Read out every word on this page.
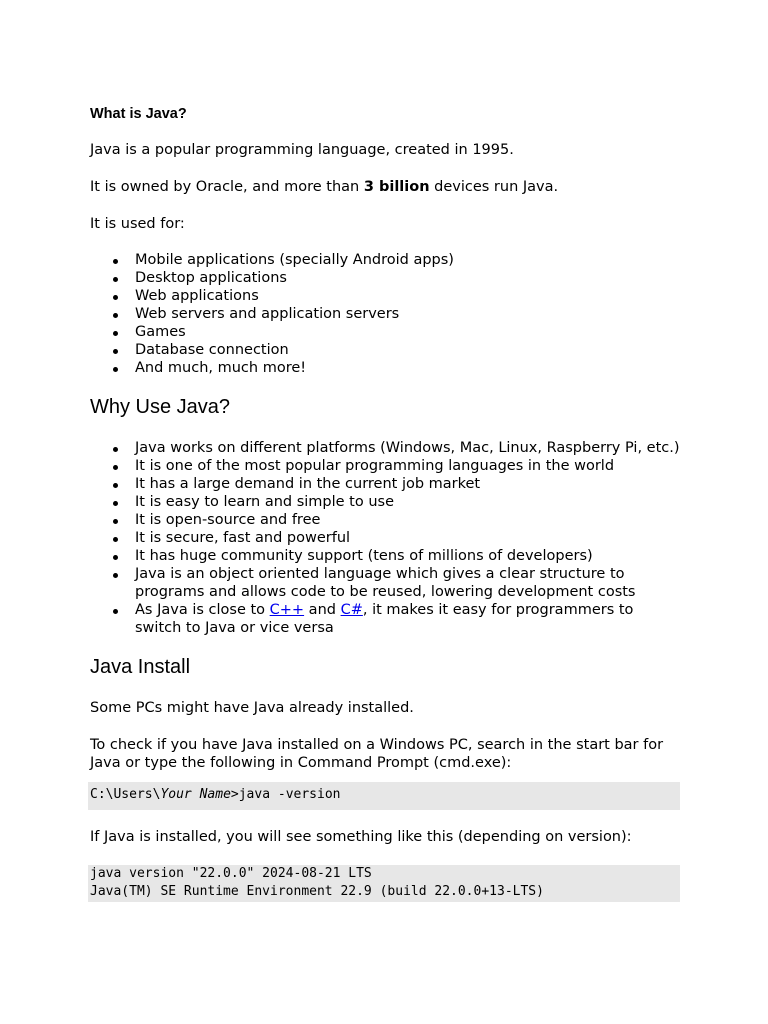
What is Java?

Java is a popular programming language, created in 1995.

It is owned by Oracle, and more than 3 billion devices run Java.

It is used for:

Mobile applications (specially Android apps)
Desktop applications
Web applications
Web servers and application servers
Games
Database connection
And much, much more!
Why Use Java?
Java works on different platforms (Windows, Mac, Linux, Raspberry Pi, etc.)
It is one of the most popular programming languages in the world
It has a large demand in the current job market
It is easy to learn and simple to use
It is open-source and free
It is secure, fast and powerful
It has huge community support (tens of millions of developers)
Java is an object oriented language which gives a clear structure to programs and allows code to be reused, lowering development costs
As Java is close to C++ and C#, it makes it easy for programmers to switch to Java or vice versa
Java Install

Some PCs might have Java already installed.

To check if you have Java installed on a Windows PC, search in the start bar for Java or type the following in Command Prompt (cmd.exe):

C:\Users\Your Name>java -version

If Java is installed, you will see something like this (depending on version):

java version "22.0.0" 2024-08-21 LTS
Java(TM) SE Runtime Environment 22.9 (build 22.0.0+13-LTS)
